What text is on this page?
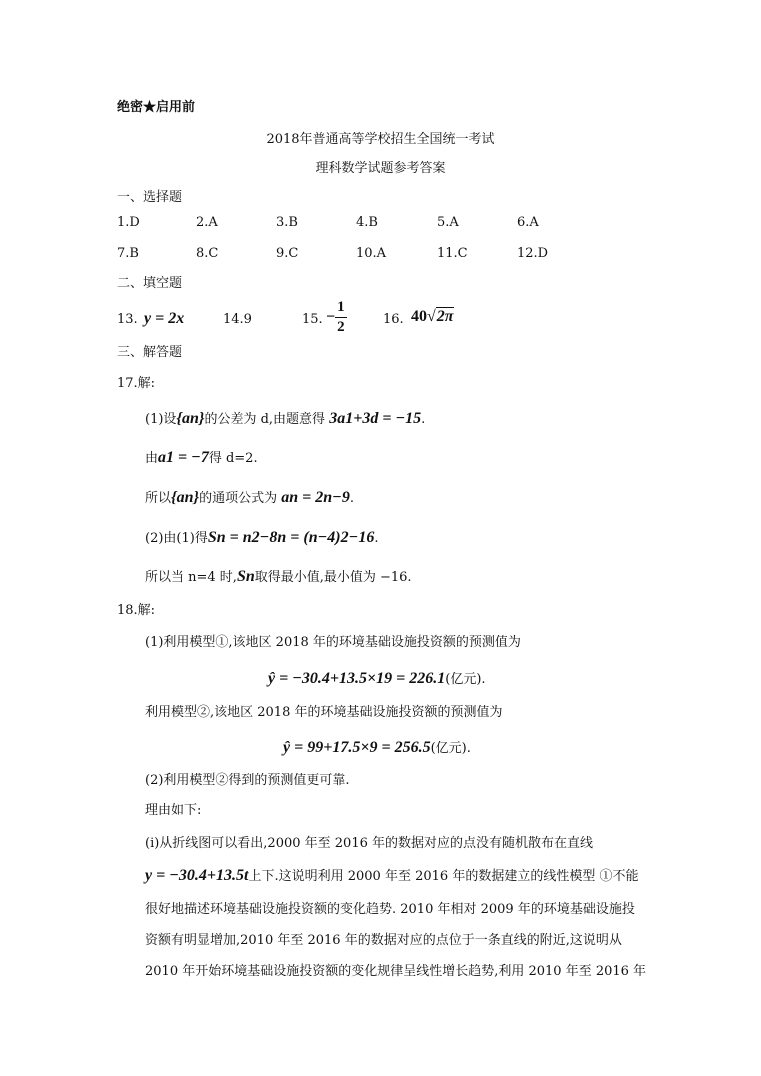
绝密★启用前
2018年普通高等学校招生全国统一考试
理科数学试题参考答案
一、选择题
1.D	2.A	3.B	4.B	5.A	6.A
7.B	8.C	9.C	10.A	11.C	12.D
二、填空题
13. y = 2x	14.9	15. − $\frac{1}{2}$	16. 40√2π
三、解答题
17.解:
(1)设{an}的公差为 d,由题意得 3a1+3d = −15.
由a1 = −7得 d=2.
所以{an}的通项公式为 an = 2n−9.
(2)由(1)得Sn = n2−8n = (n−4)2−16.
所以当 n=4 时,Sn取得最小值,最小值为 −16.
18.解:
(1)利用模型①,该地区 2018 年的环境基础设施投资额的预测值为
ŷ = −30.4+13.5×19 = 226.1(亿元).
利用模型②,该地区 2018 年的环境基础设施投资额的预测值为
ŷ = 99+17.5×9 = 256.5(亿元).
(2)利用模型②得到的预测值更可靠.
理由如下:
(ⅰ)从折线图可以看出,2000 年至 2016 年的数据对应的点没有随机散布在直线
y = −30.4+13.5t上下.这说明利用 2000 年至 2016 年的数据建立的线性模型 ①不能
很好地描述环境基础设施投资额的变化趋势. 2010 年相对 2009 年的环境基础设施投
资额有明显增加,2010 年至 2016 年的数据对应的点位于一条直线的附近,这说明从
2010 年开始环境基础设施投资额的变化规律呈线性增长趋势,利用 2010 年至 2016 年
